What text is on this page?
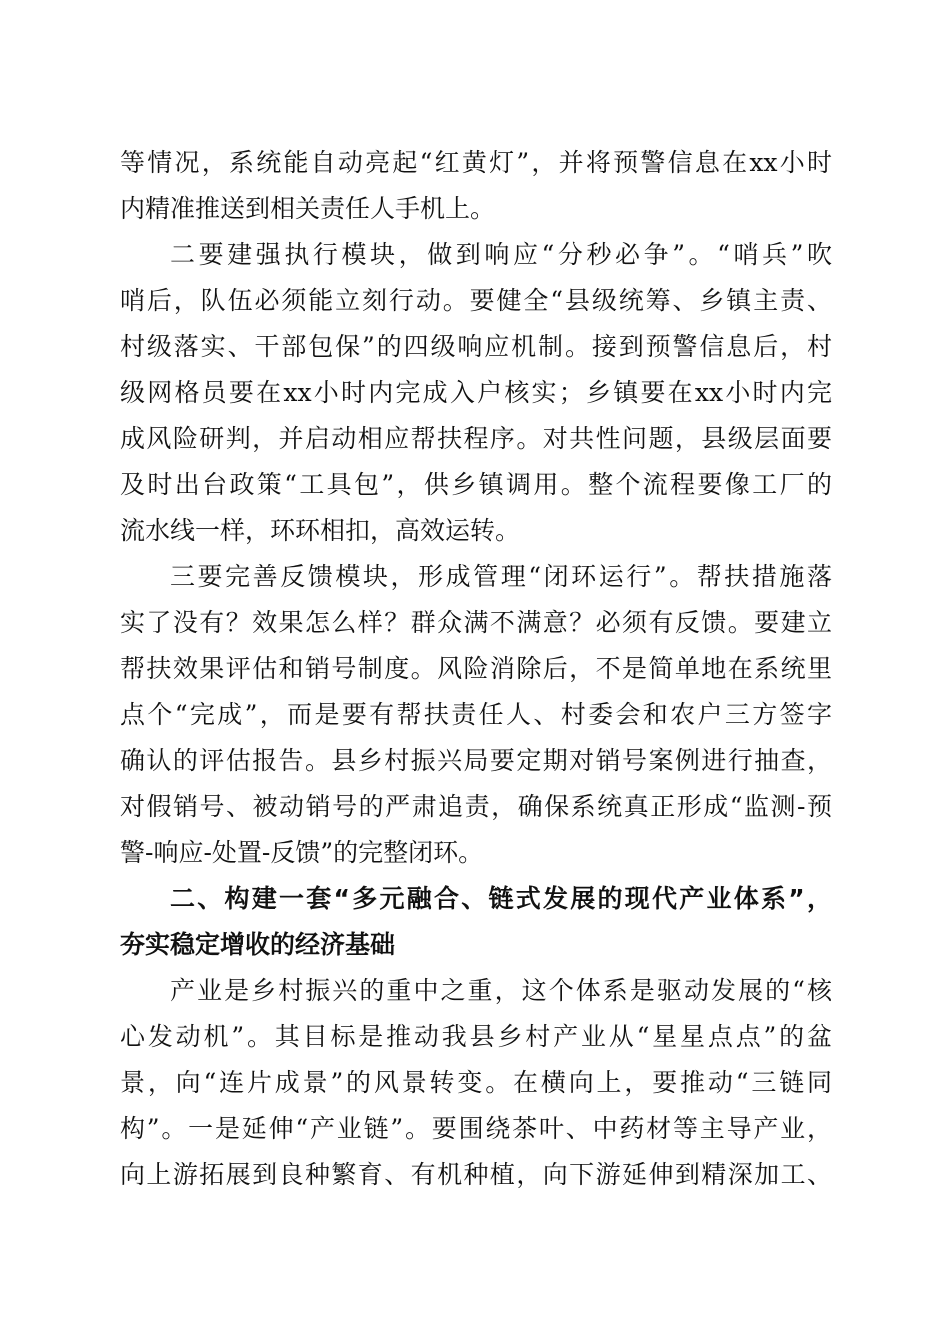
等情况，系统能自动亮起“红黄灯”，并将预警信息在xx小时
内精准推送到相关责任人手机上。
二要建强执行模块，做到响应“分秒必争”。“哨兵”吹
哨后，队伍必须能立刻行动。要健全“县级统筹、乡镇主责、
村级落实、干部包保”的四级响应机制。接到预警信息后，村
级网格员要在xx小时内完成入户核实；乡镇要在xx小时内完
成风险研判，并启动相应帮扶程序。对共性问题，县级层面要
及时出台政策“工具包”，供乡镇调用。整个流程要像工厂的
流水线一样，环环相扣，高效运转。
三要完善反馈模块，形成管理“闭环运行”。帮扶措施落
实了没有？效果怎么样？群众满不满意？必须有反馈。要建立
帮扶效果评估和销号制度。风险消除后，不是简单地在系统里
点个“完成”，而是要有帮扶责任人、村委会和农户三方签字
确认的评估报告。县乡村振兴局要定期对销号案例进行抽查，
对假销号、被动销号的严肃追责，确保系统真正形成“监测-预
警-响应-处置-反馈”的完整闭环。
二、构建一套“多元融合、链式发展的现代产业体系”，
夯实稳定增收的经济基础
产业是乡村振兴的重中之重，这个体系是驱动发展的“核
心发动机”。其目标是推动我县乡村产业从“星星点点”的盆
景，向“连片成景”的风景转变。在横向上，要推动“三链同
构”。一是延伸“产业链”。要围绕茶叶、中药材等主导产业，
向上游拓展到良种繁育、有机种植，向下游延伸到精深加工、
